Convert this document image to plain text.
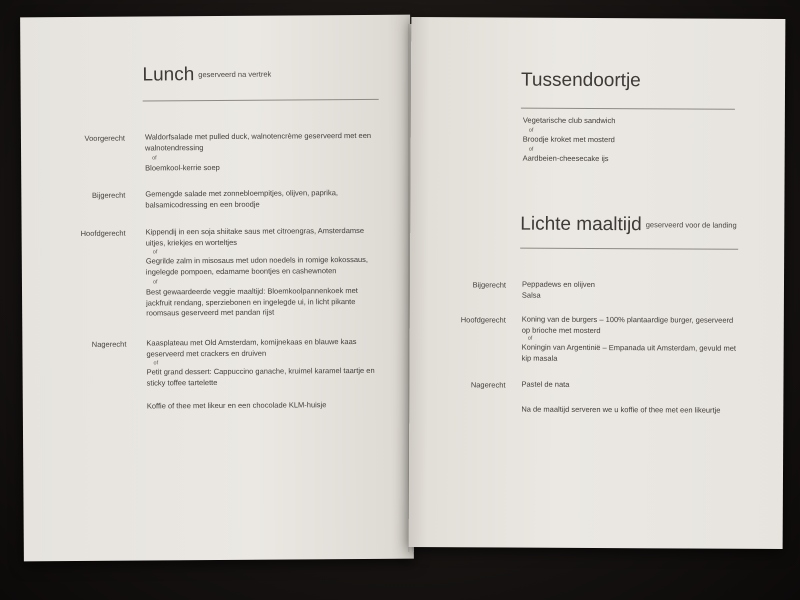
Lunch geserveerd na vertrek
Voorgerecht	Waldorfsalade met pulled duck, walnotencrème geserveerd met een walnotendressing
of
Bloemkool-kerrie soep
Bijgerecht	Gemengde salade met zonnebloempitjes, olijven, paprika, balsamicodressing en een broodje
Hoofdgerecht	Kippendij in een soja shiitake saus met citroengras, Amsterdamse uitjes, kriekjes en worteltjes
of
Gegrilde zalm in misosaus met udon noedels in romige kokossaus, ingelegde pompoen, edamame boontjes en cashewnoten
of
Best gewaardeerde veggie maaltijd: Bloemkoolpannenkoek met jackfruit rendang, sperziebonen en ingelegde ui, in licht pikante roomsaus geserveerd met pandan rijst
Nagerecht	Kaasplateau met Old Amsterdam, komijnekaas en blauwe kaas geserveerd met crackers en druiven
of
Petit grand dessert: Cappuccino ganache, kruimel karamel taartje en sticky toffee tartelette
Koffie of thee met likeur en een chocolade KLM-huisje
Tussendoortje
Vegetarische club sandwich
of
Broodje kroket met mosterd
of
Aardbeien-cheesecake ijs
Lichte maaltijd geserveerd voor de landing
Bijgerecht Peppadews en olijven
Salsa
Hoofdgerecht Koning van de burgers – 100% plantaardige burger, geserveerd op brioche met mosterd
of
Koningin van Argentinië – Empanada uit Amsterdam, gevuld met kip masala
Nagerecht Pastel de nata
Na de maaltijd serveren we u koffie of thee met een likeurtje
